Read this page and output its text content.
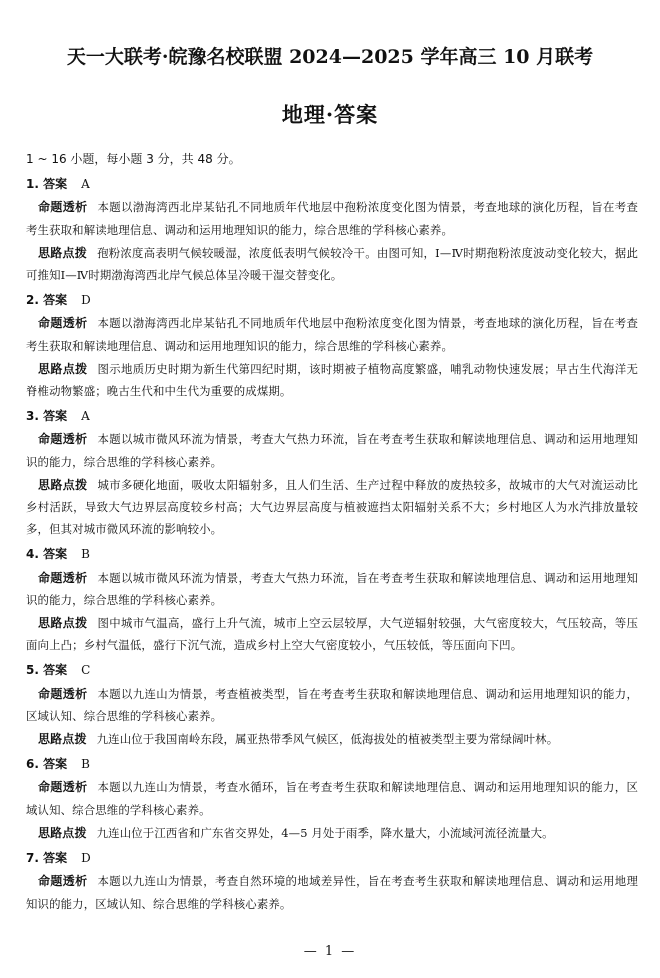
天一大联考·皖豫名校联盟 2024—2025 学年高三 10 月联考
地理·答案

1 ~ 16 小题，每小题 3 分，共 48 分。

1. 答案 A

命题透析 本题以渤海湾西北岸某钻孔不同地质年代地层中孢粉浓度变化图为情景，考查地球的演化历程，旨在考查考生获取和解读地理信息、调动和运用地理知识的能力，综合思维的学科核心素养。

思路点拨 孢粉浓度高表明气候较暖湿，浓度低表明气候较冷干。由图可知，Ⅰ—Ⅳ时期孢粉浓度波动变化较大，据此可推知Ⅰ—Ⅳ时期渤海湾西北岸气候总体呈冷暖干湿交替变化。

2. 答案 D

命题透析 本题以渤海湾西北岸某钻孔不同地质年代地层中孢粉浓度变化图为情景，考查地球的演化历程，旨在考查考生获取和解读地理信息、调动和运用地理知识的能力，综合思维的学科核心素养。

思路点拨 图示地质历史时期为新生代第四纪时期，该时期被子植物高度繁盛，哺乳动物快速发展；早古生代海洋无脊椎动物繁盛；晚古生代和中生代为重要的成煤期。

3. 答案 A

命题透析 本题以城市微风环流为情景，考查大气热力环流，旨在考查考生获取和解读地理信息、调动和运用地理知识的能力，综合思维的学科核心素养。

思路点拨 城市多硬化地面，吸收太阳辐射多，且人们生活、生产过程中释放的废热较多，故城市的大气对流运动比乡村活跃，导致大气边界层高度较乡村高；大气边界层高度与植被遮挡太阳辐射关系不大；乡村地区人为水汽排放量较多，但其对城市微风环流的影响较小。

4. 答案 B

命题透析 本题以城市微风环流为情景，考查大气热力环流，旨在考查考生获取和解读地理信息、调动和运用地理知识的能力，综合思维的学科核心素养。

思路点拨 图中城市气温高，盛行上升气流，城市上空云层较厚，大气逆辐射较强，大气密度较大，气压较高，等压面向上凸；乡村气温低，盛行下沉气流，造成乡村上空大气密度较小，气压较低，等压面向下凹。

5. 答案 C

命题透析 本题以九连山为情景，考查植被类型，旨在考查考生获取和解读地理信息、调动和运用地理知识的能力，区域认知、综合思维的学科核心素养。

思路点拨 九连山位于我国南岭东段，属亚热带季风气候区，低海拔处的植被类型主要为常绿阔叶林。

6. 答案 B

命题透析 本题以九连山为情景，考查水循环，旨在考查考生获取和解读地理信息、调动和运用地理知识的能力，区域认知、综合思维的学科核心素养。

思路点拨 九连山位于江西省和广东省交界处，4—5 月处于雨季，降水量大，小流域河流径流量大。

7. 答案 D

命题透析 本题以九连山为情景，考查自然环境的地域差异性，旨在考查考生获取和解读地理信息、调动和运用地理知识的能力，区域认知、综合思维的学科核心素养。

— 1 —
